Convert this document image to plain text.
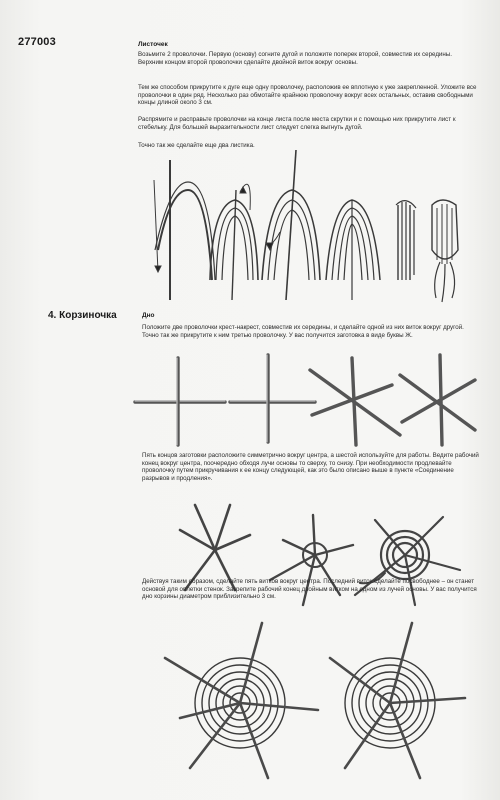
277003	Листочек
Возьмите 2 проволочки. Первую (основу) согните дугой и положите поперек второй, совместив их середины. Верхним концом второй проволочки сделайте двойной виток вокруг основы.
Тем же способом прикрутите к дуге еще одну проволочку, расположив ее вплотную к уже закрепленной. Уложите все проволочки в один ряд. Несколько раз обмотайте крайнюю проволочку вокруг всех остальных, оставив свободными концы длиной около 3 см.
Распрямите и расправьте проволочки на конце листа после места скрутки и с помощью них прикрутите лист к стебельку. Для большей выразительности лист следует слегка выгнуть дугой.
Точно так же сделайте еще два листика.
4. Корзиночка	Дно
Положите две проволочки крест-накрест, совместив их середины, и сделайте одной из них виток вокруг другой. Точно так же прикрутите к ним третью проволочку. У вас получится заготовка в виде буквы Ж.
Пять концов заготовки расположите симметрично вокруг центра, а шестой используйте для работы. Ведите рабочий конец вокруг центра, поочередно обходя лучи основы то сверху, то снизу. При необходимости продлевайте проволочку путем прикручивания к ее концу следующей, как это было описано выше в пункте «Соединение разрывов и продления».
Действуя таким образом, сделайте пять витков вокруг центра. Последний виток сделайте посвободнее – он станет основой для оплетки стенок. Закрепите рабочий конец двойным витком на одном из лучей основы. У вас получится дно корзины диаметром приблизительно 3 см.
